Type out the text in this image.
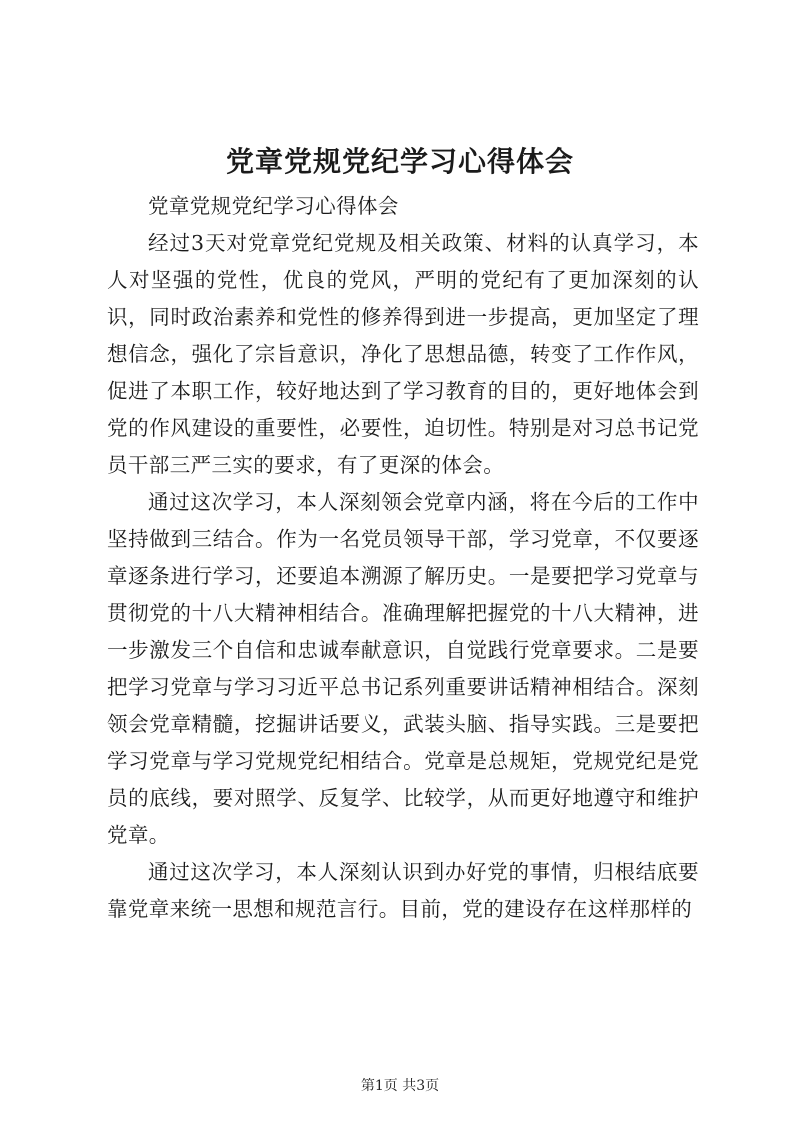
党章党规党纪学习心得体会

党章党规党纪学习心得体会

经过3天对党章党纪党规及相关政策、材料的认真学习，本人对坚强的党性，优良的党风，严明的党纪有了更加深刻的认识，同时政治素养和党性的修养得到进一步提高，更加坚定了理想信念，强化了宗旨意识，净化了思想品德，转变了工作作风，促进了本职工作，较好地达到了学习教育的目的，更好地体会到党的作风建设的重要性，必要性，迫切性。特别是对习总书记党员干部三严三实的要求，有了更深的体会。

通过这次学习，本人深刻领会党章内涵，将在今后的工作中坚持做到三结合。作为一名党员领导干部，学习党章，不仅要逐章逐条进行学习，还要追本溯源了解历史。一是要把学习党章与贯彻党的十八大精神相结合。准确理解把握党的十八大精神，进一步激发三个自信和忠诚奉献意识，自觉践行党章要求。二是要把学习党章与学习习近平总书记系列重要讲话精神相结合。深刻领会党章精髓，挖掘讲话要义，武装头脑、指导实践。三是要把学习党章与学习党规党纪相结合。党章是总规矩，党规党纪是党员的底线，要对照学、反复学、比较学，从而更好地遵守和维护党章。

通过这次学习，本人深刻认识到办好党的事情，归根结底要靠党章来统一思想和规范言行。目前，党的建设存在这样那样的

第1页 共3页
